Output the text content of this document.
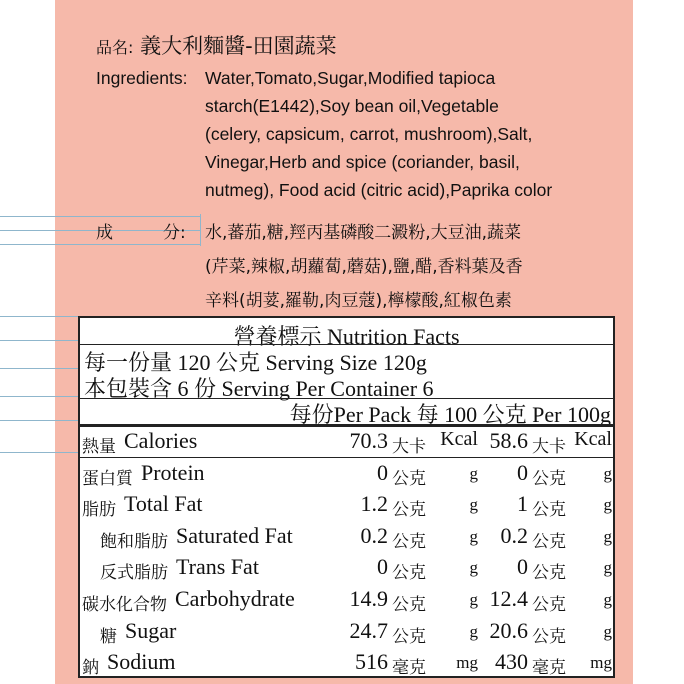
品名: 義大利麵醬-田園蔬菜
Ingredients: Water,Tomato,Sugar,Modified tapioca
starch(E1442),Soy bean oil,Vegetable
(celery, capsicum, carrot, mushroom),Salt,
Vinegar,Herb and spice (coriander, basil,
nutmeg), Food acid (citric acid),Paprika color
成	分: 水,蕃茄,糖,羥丙基磷酸二澱粉,大豆油,蔬菜
(芹菜,辣椒,胡蘿蔔,蘑菇),鹽,醋,香料葉及香
辛料(胡荽,羅勒,肉豆蔻),檸檬酸,紅椒色素
營養標示 Nutrition Facts
每一份量 120 公克 Serving Size 120g
本包裝含 6 份 Serving Per Container 6
每份Per Pack 每 100 公克 Per 100g
熱量 Calories	70.3 大卡 Kcal 58.6 大卡 Kcal
蛋白質 Protein	0 公克	g	0 公克	g
脂肪 Total Fat	1.2 公克	g	1 公克	g
飽和脂肪 Saturated Fat	0.2 公克	g	0.2 公克	g
反式脂肪 Trans Fat	0 公克	g	0 公克	g
碳水化合物 Carbohydrate	14.9 公克	g 12.4 公克	g
糖 Sugar	24.7 公克	g 20.6 公克	g
鈉 Sodium	516 毫克	mg 430 毫克	mg
